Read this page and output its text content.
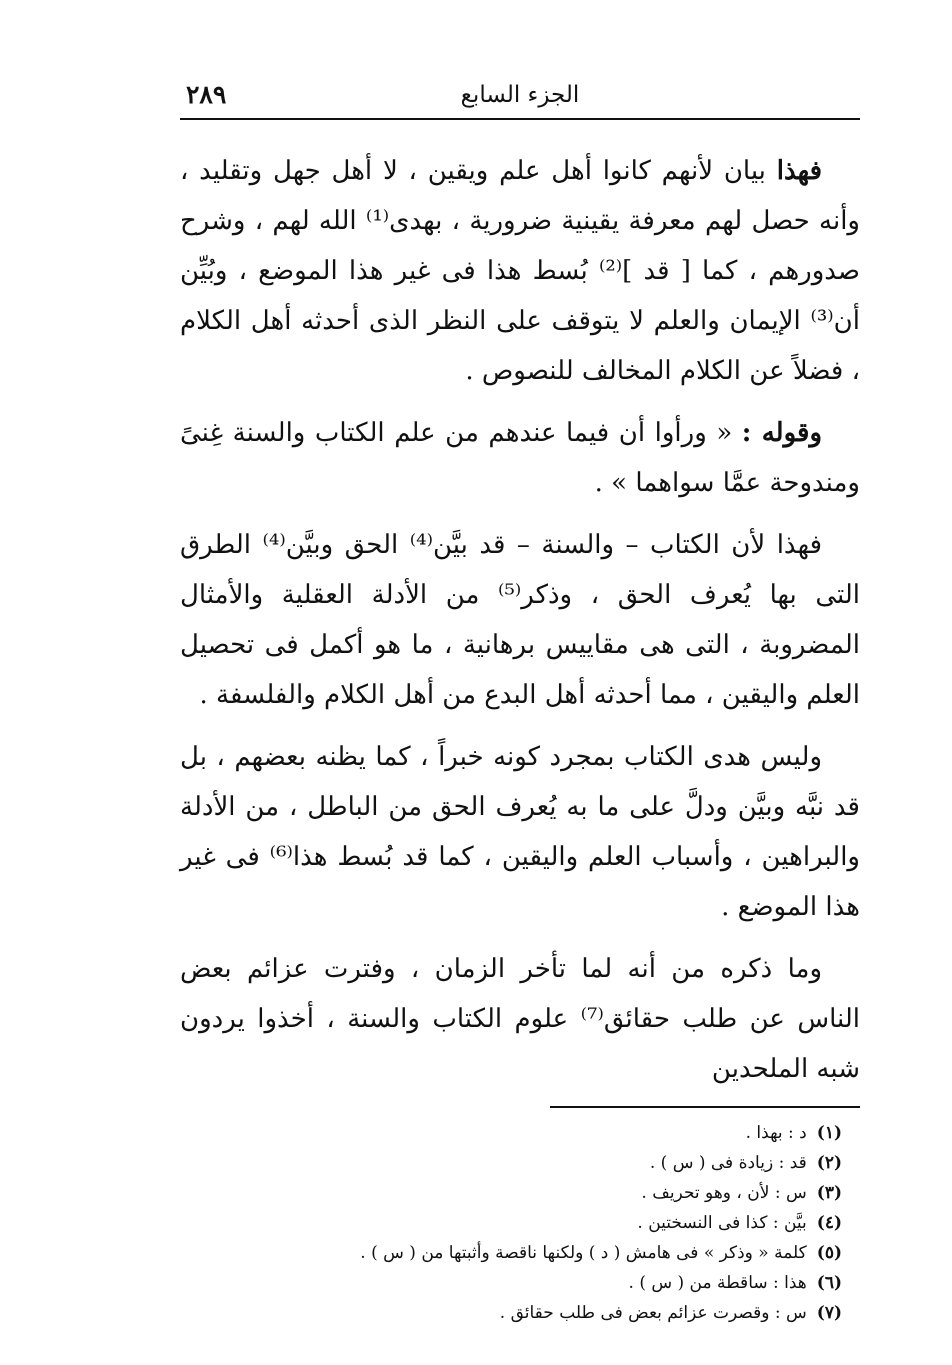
٢٨٩	الجزء السابع

فهذا بيان لأنهم كانوا أهل علم ويقين ، لا أهل جهل وتقليد ، وأنه حصل لهم معرفة يقينية ضرورية ، بهدى⁽¹⁾ الله لهم ، وشرح صدورهم ، كما [ قد ]⁽²⁾ بُسط هذا فى غير هذا الموضع ، وبُيِّن أن⁽³⁾ الإيمان والعلم لا يتوقف على النظر الذى أحدثه أهل الكلام ، فضلاً عن الكلام المخالف للنصوص .

وقوله : « ورأوا أن فيما عندهم من علم الكتاب والسنة غِنىً ومندوحة عمَّا سواهما » .

فهذا لأن الكتاب – والسنة – قد بيَّن⁽⁴⁾ الحق وبيَّن⁽⁴⁾ الطرق التى بها يُعرف الحق ، وذكر⁽⁵⁾ من الأدلة العقلية والأمثال المضروبة ، التى هى مقاييس برهانية ، ما هو أكمل فى تحصيل العلم واليقين ، مما أحدثه أهل البدع من أهل الكلام والفلسفة .

وليس هدى الكتاب بمجرد كونه خبراً ، كما يظنه بعضهم ، بل قد نبَّه وبيَّن ودلَّ على ما به يُعرف الحق من الباطل ، من الأدلة والبراهين ، وأسباب العلم واليقين ، كما قد بُسط هذا⁽⁶⁾ فى غير هذا الموضع .

وما ذكره من أنه لما تأخر الزمان ، وفترت عزائم بعض الناس عن طلب حقائق⁽⁷⁾ علوم الكتاب والسنة ، أخذوا يردون شبه الملحدين

(١)د : بهذا .
(٢)قد : زيادة فى ( س ) .
(٣)س : لأن ، وهو تحريف .
(٤)بيَّن : كذا فى النسختين .
(٥)كلمة « وذكر » فى هامش ( د ) ولكنها ناقصة وأثبتها من ( س ) .
(٦)هذا : ساقطة من ( س ) .
(٧)س : وقصرت عزائم بعض فى طلب حقائق .
